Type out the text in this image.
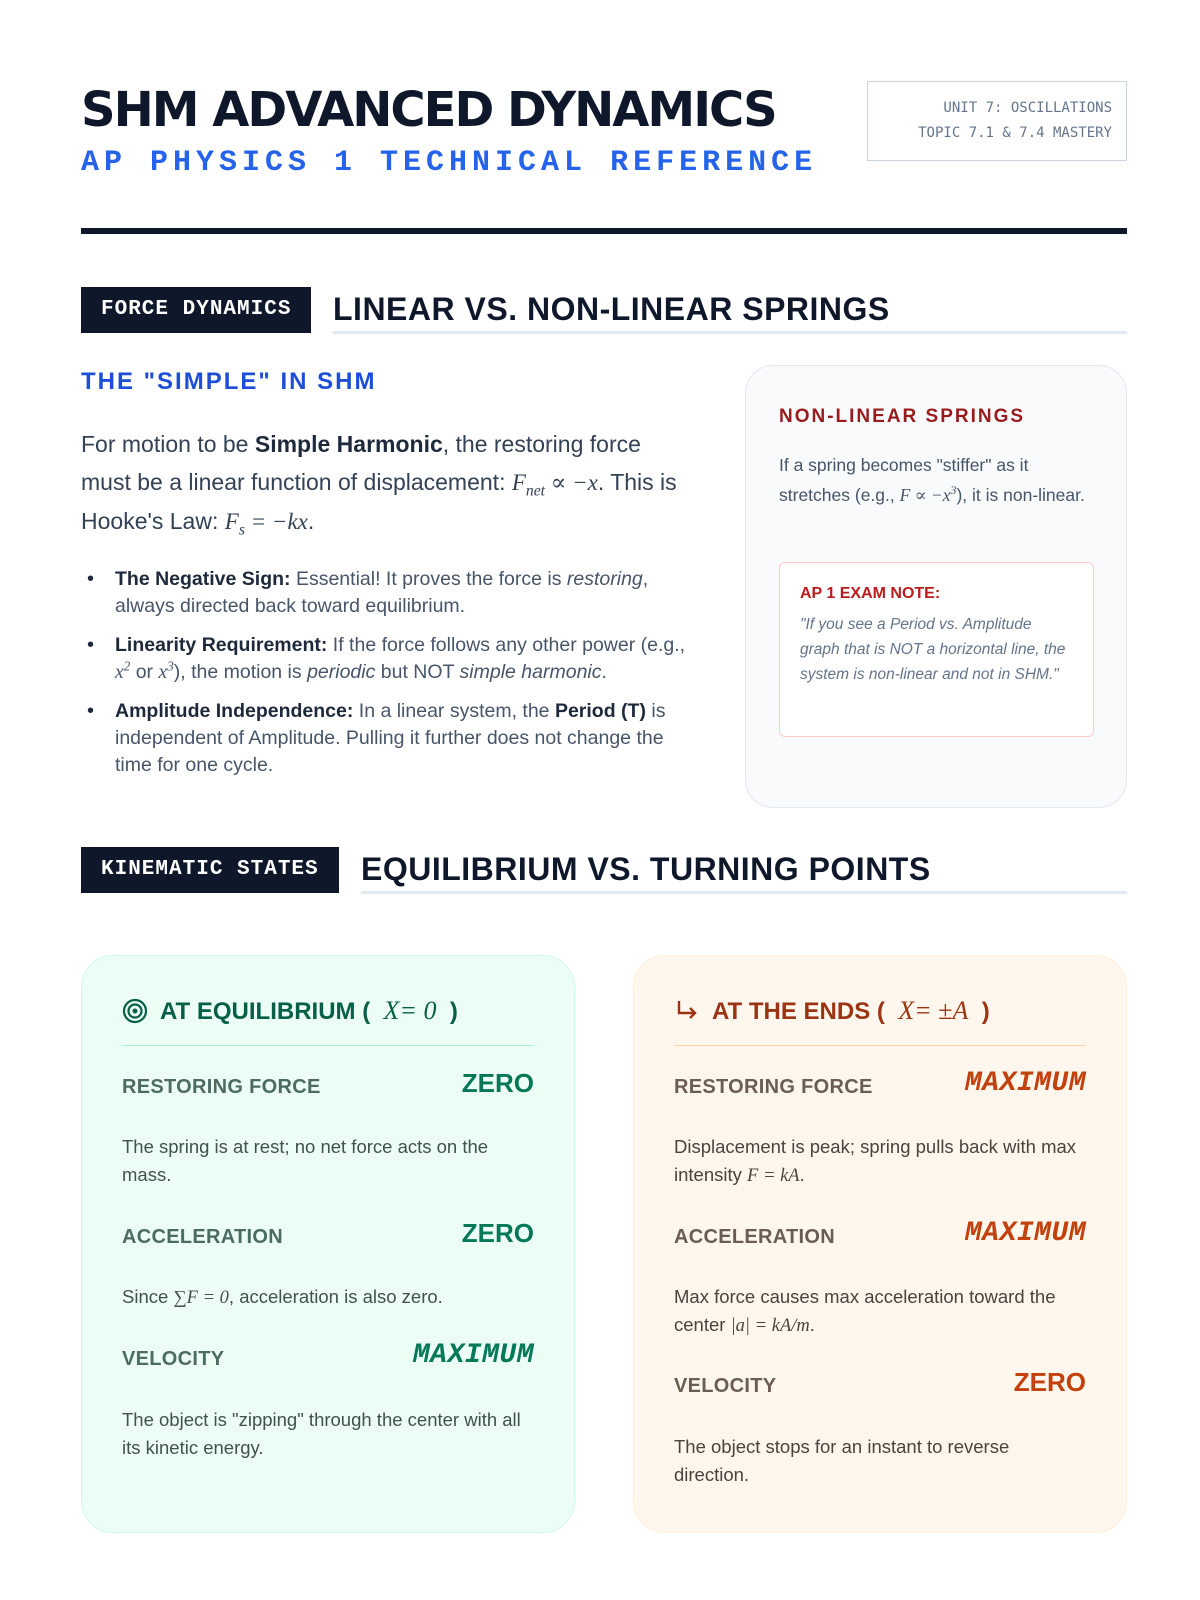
SHM ADVANCED DYNAMICS
AP PHYSICS 1 TECHNICAL REFERENCE
UNIT 7: OSCILLATIONS
TOPIC 7.1 & 7.4 MASTERY
FORCE DYNAMICS	LINEAR VS. NON-LINEAR SPRINGS
THE "SIMPLE" IN SHM
For motion to be Simple Harmonic, the restoring force must be a linear function of displacement: $F_{net} \propto -x$. This is Hooke's Law: $F_s = -kx$.
• The Negative Sign: Essential! It proves the force is restoring, always directed back toward equilibrium.
• Linearity Requirement: If the force follows any other power (e.g., $x^2$ or $x^3$), the motion is periodic but NOT simple harmonic.
• Amplitude Independence: In a linear system, the Period (T) is independent of Amplitude. Pulling it further does not change the time for one cycle.
NON-LINEAR SPRINGS
If a spring becomes "stiffer" as it stretches (e.g., $F \propto -x^3$), it is non-linear.
AP 1 EXAM NOTE:
"If you see a Period vs. Amplitude graph that is NOT a horizontal line, the system is non-linear and not in SHM."
KINEMATIC STATES	EQUILIBRIUM VS. TURNING POINTS
AT EQUILIBRIUM ( X= 0 )
RESTORING FORCE	ZERO
The spring is at rest; no net force acts on the mass.
ACCELERATION	ZERO
Since ∑F = 0, acceleration is also zero.
VELOCITY	MAXIMUM
The object is "zipping" through the center with all its kinetic energy.
AT THE ENDS ( X= ±A )
RESTORING FORCE	MAXIMUM
Displacement is peak; spring pulls back with max intensity F = kA.
ACCELERATION	MAXIMUM
Max force causes max acceleration toward the center |a| = kA/m.
VELOCITY	ZERO
The object stops for an instant to reverse direction.
